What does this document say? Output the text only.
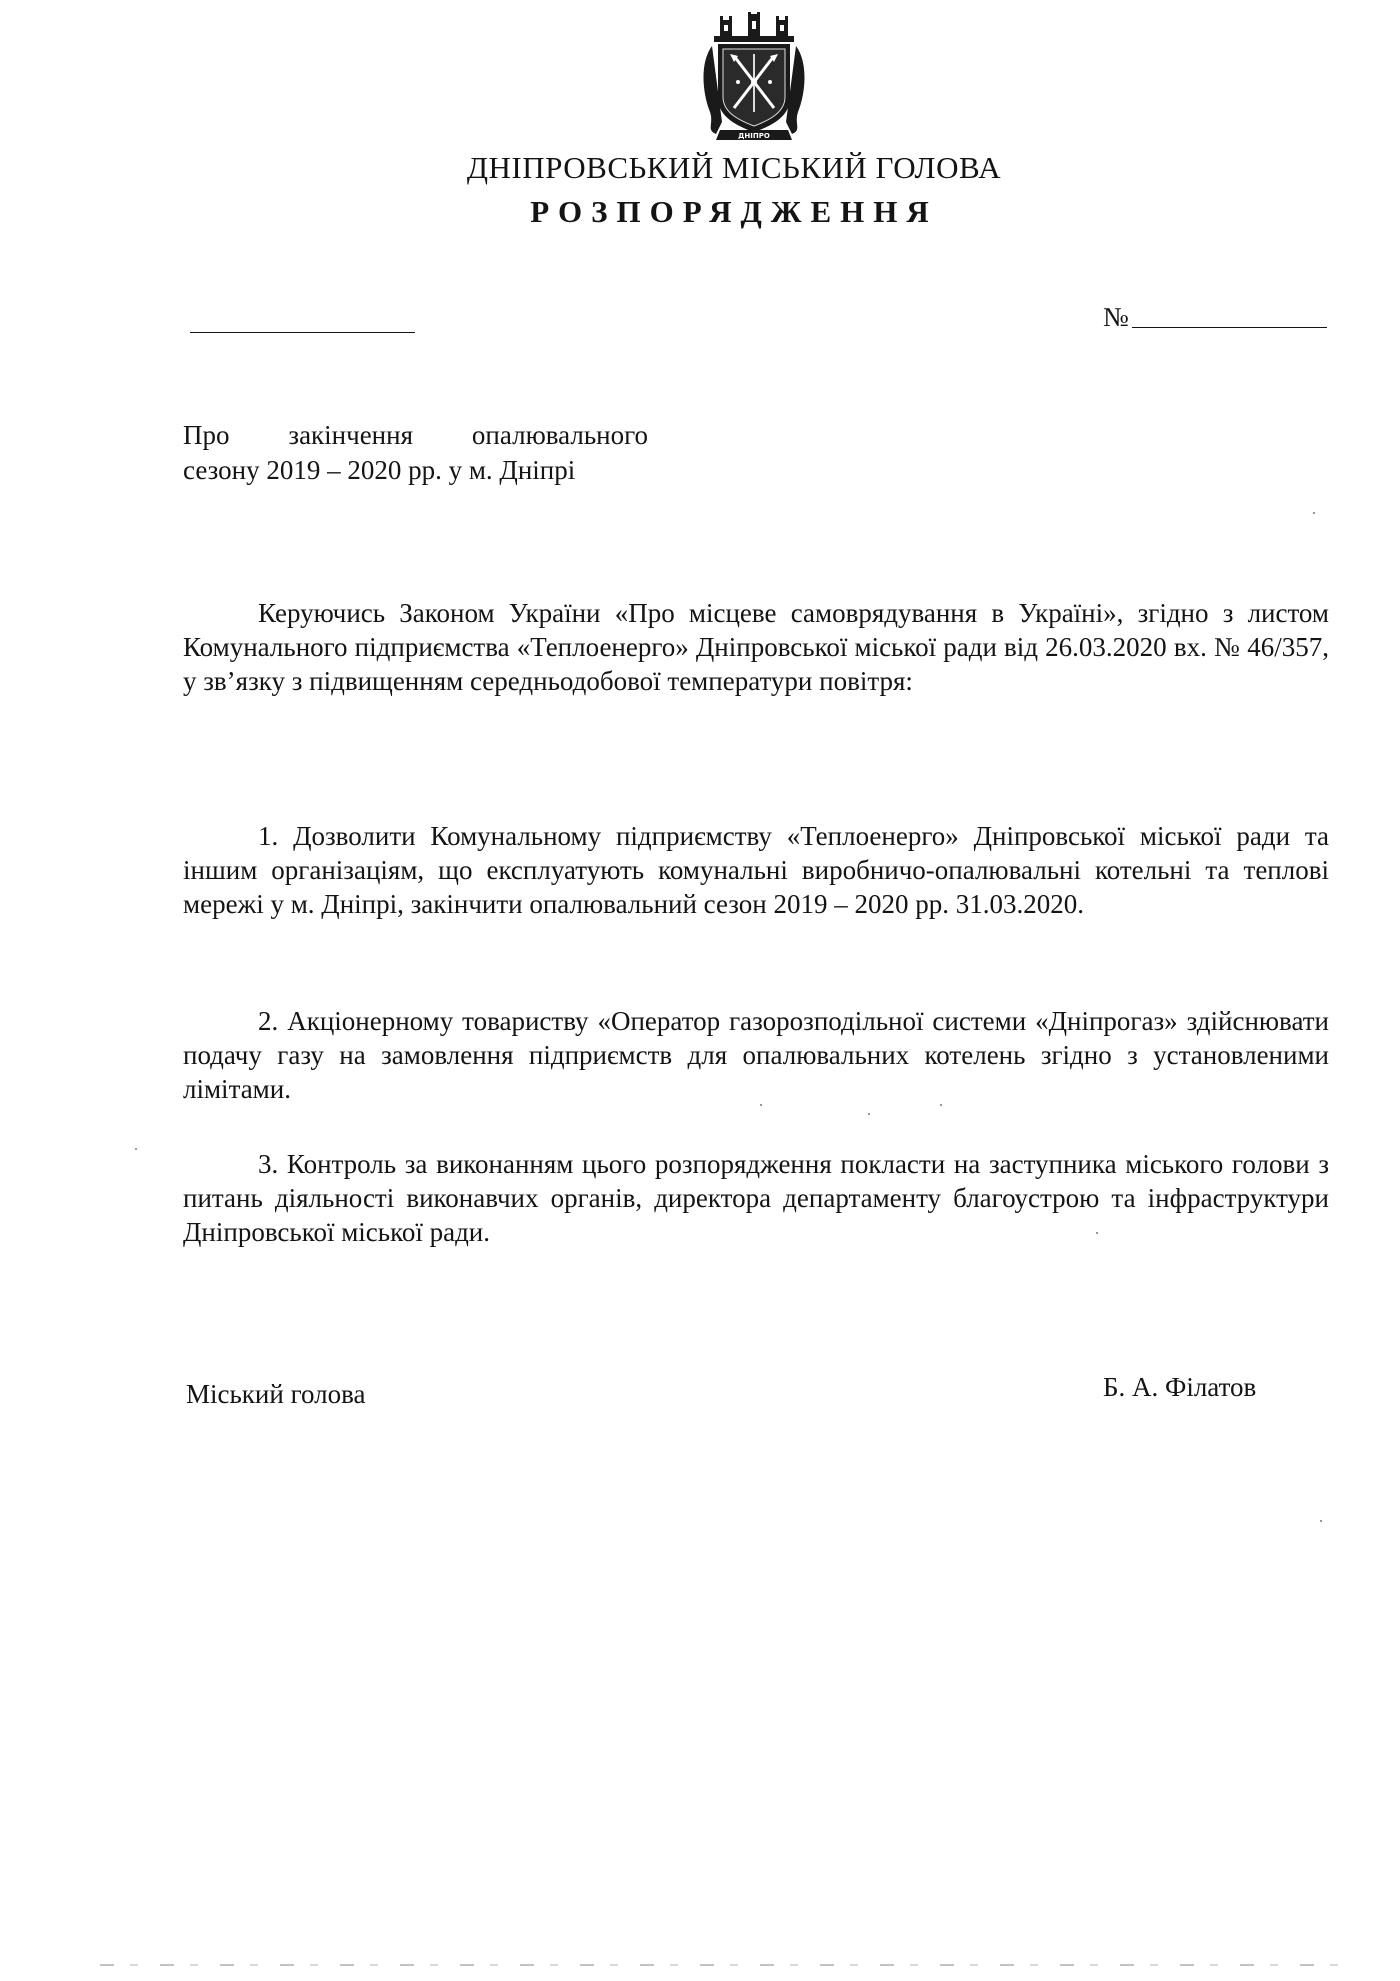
ДНІПРО
ДНІПРОВСЬКИЙ МІСЬКИЙ ГОЛОВА
РОЗПОРЯДЖЕННЯ
№
Про закінчення опалювального
сезону 2019 – 2020 рр. у м. Дніпрі
Керуючись Законом України «Про місцеве самоврядування в Україні», згідно з листом Комунального підприємства «Теплоенерго» Дніпровської міської ради від 26.03.2020 вх. № 46/357, у зв’язку з підвищенням середньодобової температури повітря:
1. Дозволити Комунальному підприємству «Теплоенерго» Дніпровської міської ради та іншим організаціям, що експлуатують комунальні виробничо-опалювальні котельні та теплові мережі у м. Дніпрі, закінчити опалювальний сезон 2019 – 2020 рр. 31.03.2020.
2. Акціонерному товариству «Оператор газорозподільної системи «Дніпрогаз» здійснювати подачу газу на замовлення підприємств для опалювальних котелень згідно з установленими лімітами.
3. Контроль за виконанням цього розпорядження покласти на заступника міського голови з питань діяльності виконавчих органів, директора департаменту благоустрою та інфраструктури Дніпровської міської ради.
Міський голова	Б. А. Філатов
